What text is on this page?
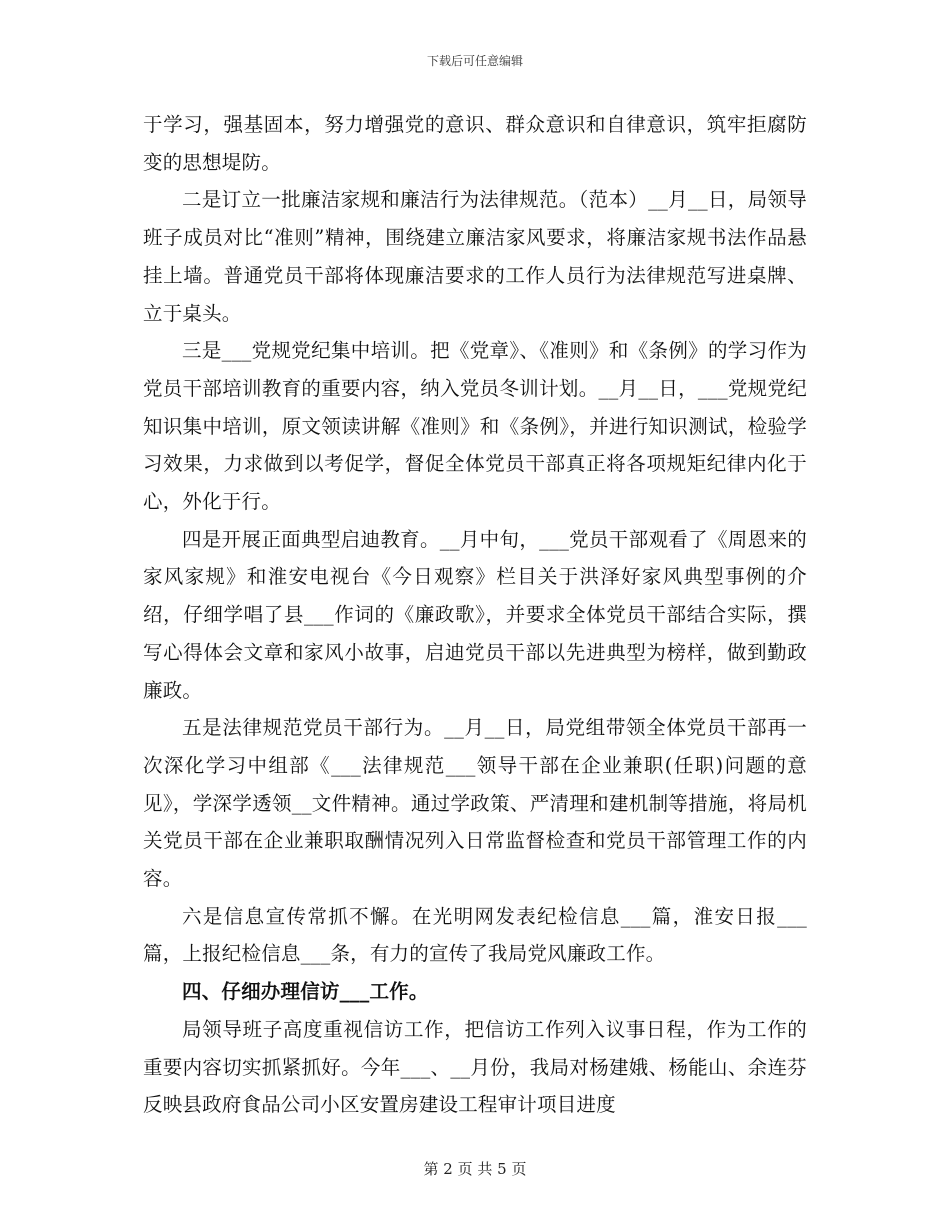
下载后可任意编辑

于学习，强基固本，努力增强党的意识、群众意识和自律意识，筑牢拒腐防变的思想堤防。

二是订立一批廉洁家规和廉洁行为法律规范。（范本）__月__日，局领导班子成员对比“准则”精神，围绕建立廉洁家风要求，将廉洁家规书法作品悬挂上墙。普通党员干部将体现廉洁要求的工作人员行为法律规范写进桌牌、立于桌头。

三是___党规党纪集中培训。把《党章》、《准则》和《条例》的学习作为党员干部培训教育的重要内容，纳入党员冬训计划。__月__日，___党规党纪知识集中培训，原文领读讲解《准则》和《条例》，并进行知识测试，检验学习效果，力求做到以考促学，督促全体党员干部真正将各项规矩纪律内化于心，外化于行。

四是开展正面典型启迪教育。__月中旬，___党员干部观看了《周恩来的家风家规》和淮安电视台《今日观察》栏目关于洪泽好家风典型事例的介绍，仔细学唱了县___作词的《廉政歌》，并要求全体党员干部结合实际，撰写心得体会文章和家风小故事，启迪党员干部以先进典型为榜样，做到勤政廉政。

五是法律规范党员干部行为。__月__日，局党组带领全体党员干部再一次深化学习中组部《___法律规范___领导干部在企业兼职(任职)问题的意见》，学深学透领__文件精神。通过学政策、严清理和建机制等措施，将局机关党员干部在企业兼职取酬情况列入日常监督检查和党员干部管理工作的内容。

六是信息宣传常抓不懈。在光明网发表纪检信息___篇，淮安日报___篇，上报纪检信息___条，有力的宣传了我局党风廉政工作。

四、仔细办理信访___工作。

局领导班子高度重视信访工作，把信访工作列入议事日程，作为工作的重要内容切实抓紧抓好。今年___、__月份，我局对杨建娥、杨能山、余连芬反映县政府食品公司小区安置房建设工程审计项目进度

第 2 页 共 5 页
